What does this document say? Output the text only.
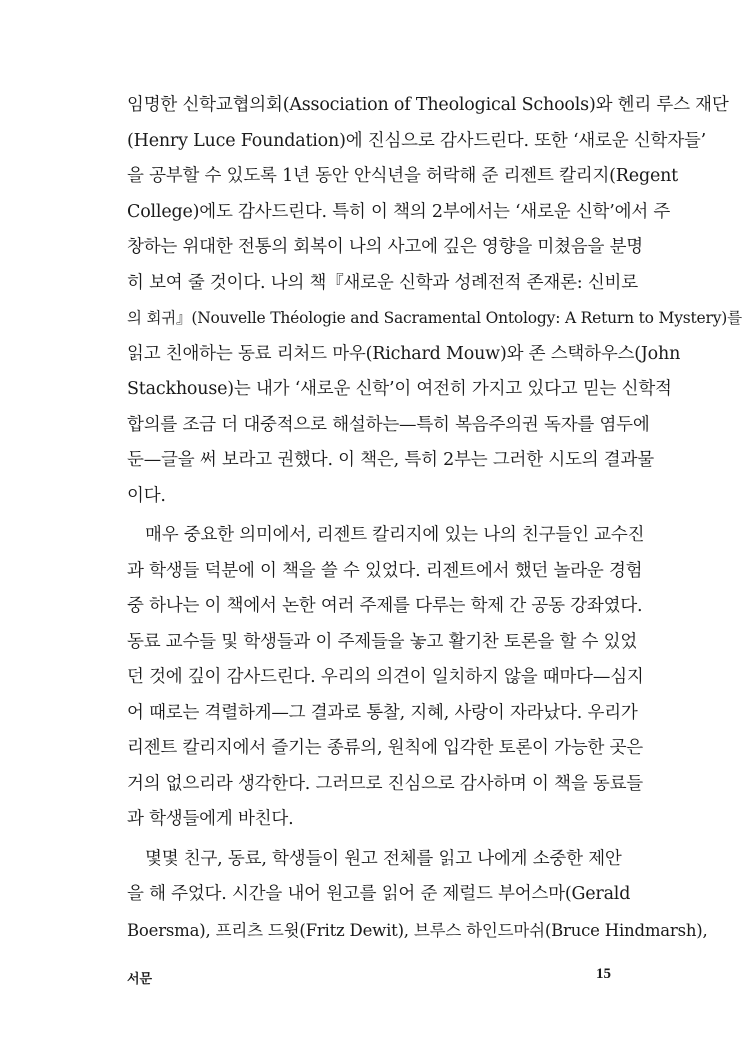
임명한 신학교협의회(Association of Theological Schools)와 헨리 루스 재단
(Henry Luce Foundation)에 진심으로 감사드린다. 또한 ‘새로운 신학자들’
을 공부할 수 있도록 1년 동안 안식년을 허락해 준 리젠트 칼리지(Regent
College)에도 감사드린다. 특히 이 책의 2부에서는 ‘새로운 신학’에서 주
창하는 위대한 전통의 회복이 나의 사고에 깊은 영향을 미쳤음을 분명
히 보여 줄 것이다. 나의 책『새로운 신학과 성례전적 존재론: 신비로
의 회귀』(Nouvelle Théologie and Sacramental Ontology: A Return to Mystery)를
읽고 친애하는 동료 리처드 마우(Richard Mouw)와 존 스택하우스(John
Stackhouse)는 내가 ‘새로운 신학’이 여전히 가지고 있다고 믿는 신학적
합의를 조금 더 대중적으로 해설하는—특히 복음주의권 독자를 염두에
둔—글을 써 보라고 권했다. 이 책은, 특히 2부는 그러한 시도의 결과물
이다.
매우 중요한 의미에서, 리젠트 칼리지에 있는 나의 친구들인 교수진
과 학생들 덕분에 이 책을 쓸 수 있었다. 리젠트에서 했던 놀라운 경험
중 하나는 이 책에서 논한 여러 주제를 다루는 학제 간 공동 강좌였다.
동료 교수들 및 학생들과 이 주제들을 놓고 활기찬 토론을 할 수 있었
던 것에 깊이 감사드린다. 우리의 의견이 일치하지 않을 때마다—심지
어 때로는 격렬하게—그 결과로 통찰, 지혜, 사랑이 자라났다. 우리가
리젠트 칼리지에서 즐기는 종류의, 원칙에 입각한 토론이 가능한 곳은
거의 없으리라 생각한다. 그러므로 진심으로 감사하며 이 책을 동료들
과 학생들에게 바친다.
몇몇 친구, 동료, 학생들이 원고 전체를 읽고 나에게 소중한 제안
을 해 주었다. 시간을 내어 원고를 읽어 준 제럴드 부어스마(Gerald
Boersma), 프리츠 드윗(Fritz Dewit), 브루스 하인드마쉬(Bruce Hindmarsh),
서문	15
